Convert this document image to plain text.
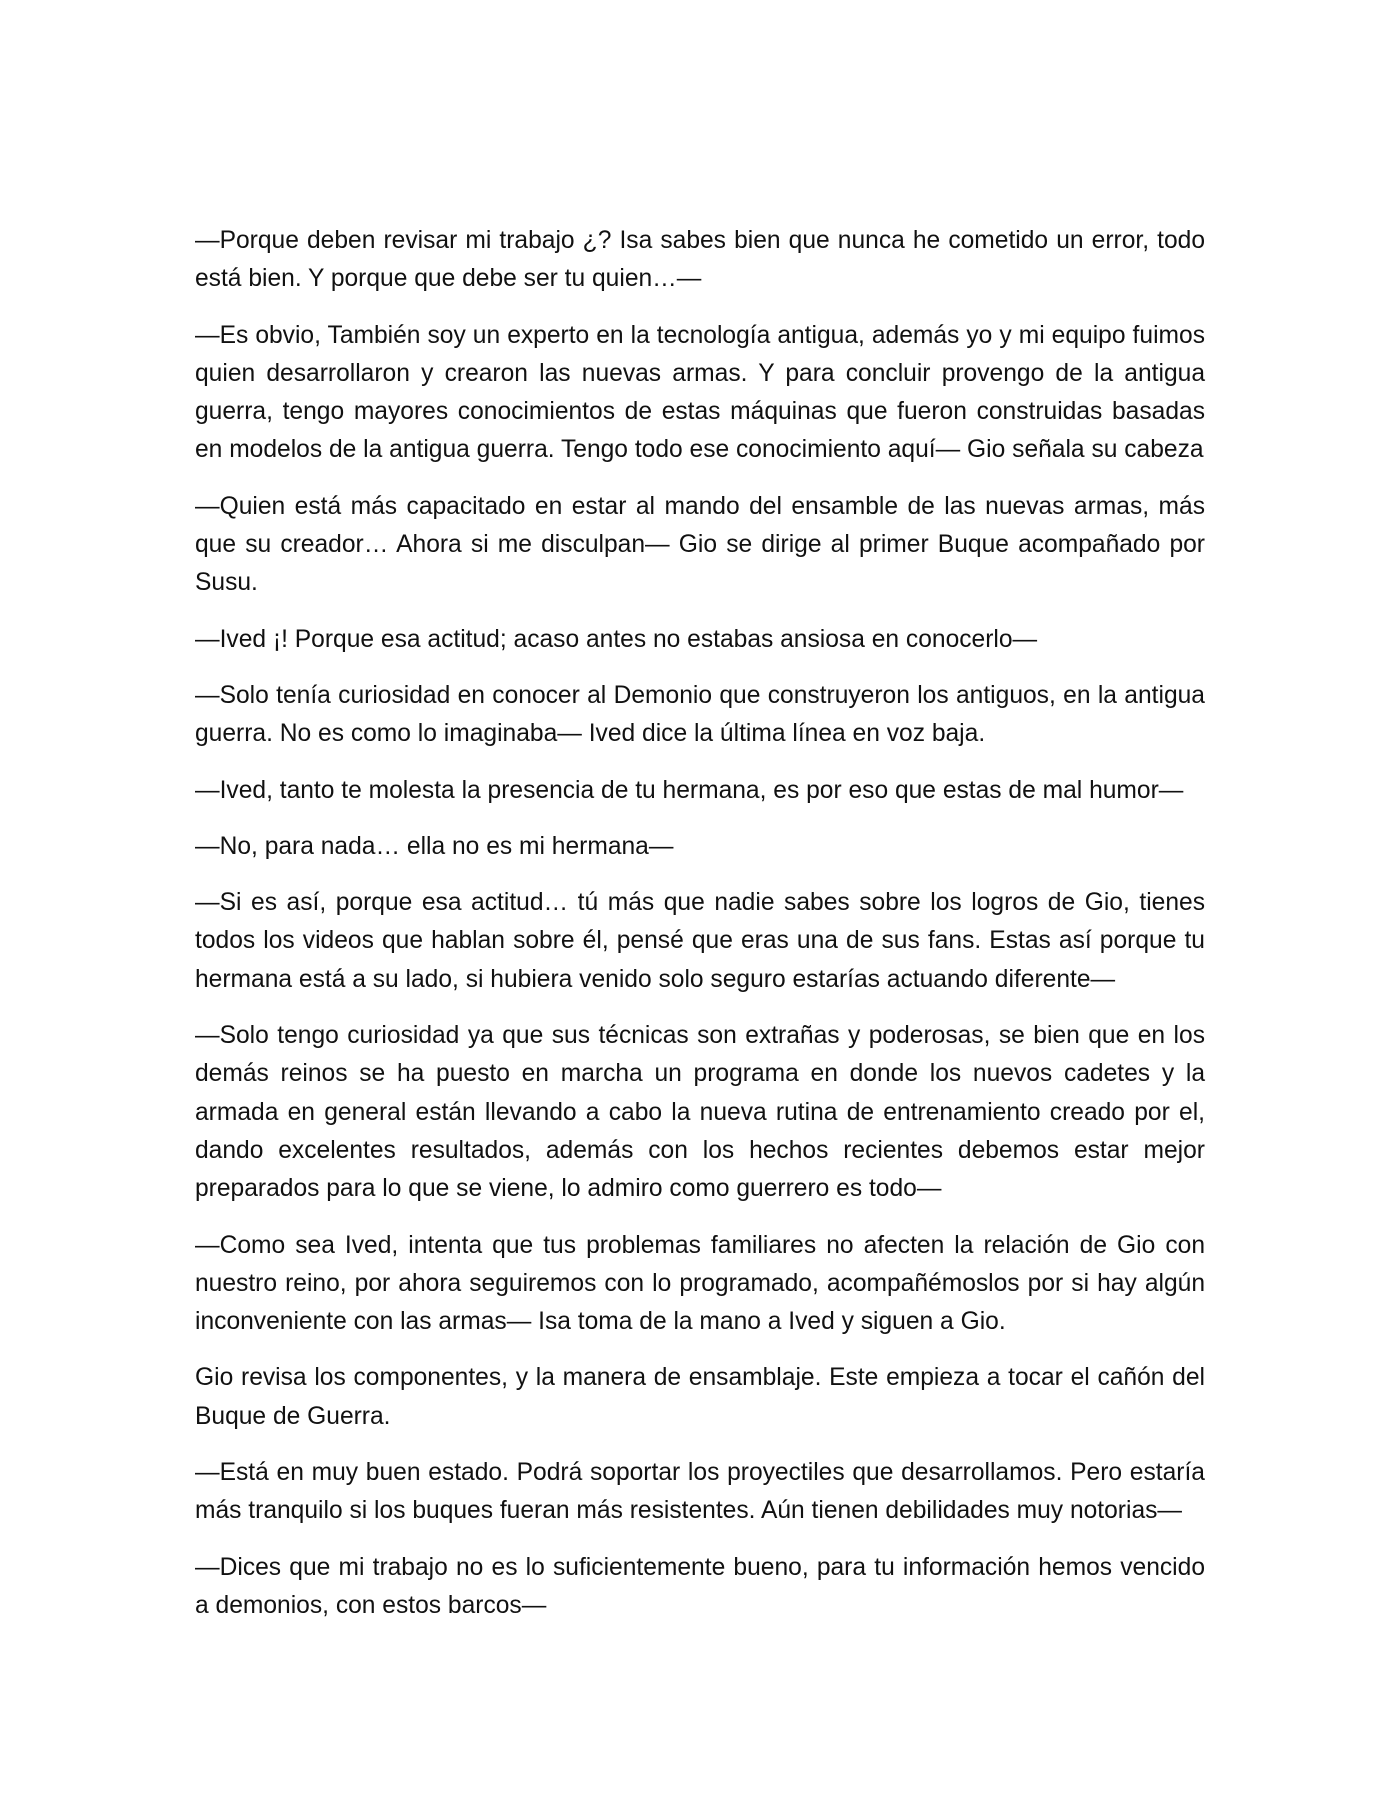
—Porque deben revisar mi trabajo ¿? Isa sabes bien que nunca he cometido un error, todo está bien. Y porque que debe ser tu quien…—

—Es obvio, También soy un experto en la tecnología antigua, además yo y mi equipo fuimos quien desarrollaron y crearon las nuevas armas. Y para concluir provengo de la antigua guerra, tengo mayores conocimientos de estas máquinas que fueron construidas basadas en modelos de la antigua guerra. Tengo todo ese conocimiento aquí— Gio señala su cabeza

—Quien está más capacitado en estar al mando del ensamble de las nuevas armas, más que su creador… Ahora si me disculpan— Gio se dirige al primer Buque acompañado por Susu.

—Ived ¡! Porque esa actitud; acaso antes no estabas ansiosa en conocerlo—

—Solo tenía curiosidad en conocer al Demonio que construyeron los antiguos, en la antigua guerra. No es como lo imaginaba— Ived dice la última línea en voz baja.

—Ived, tanto te molesta la presencia de tu hermana, es por eso que estas de mal humor—

—No, para nada… ella no es mi hermana—

—Si es así, porque esa actitud… tú más que nadie sabes sobre los logros de Gio, tienes todos los videos que hablan sobre él, pensé que eras una de sus fans. Estas así porque tu hermana está a su lado, si hubiera venido solo seguro estarías actuando diferente—

—Solo tengo curiosidad ya que sus técnicas son extrañas y poderosas, se bien que en los demás reinos se ha puesto en marcha un programa en donde los nuevos cadetes y la armada en general están llevando a cabo la nueva rutina de entrenamiento creado por el, dando excelentes resultados, además con los hechos recientes debemos estar mejor preparados para lo que se viene, lo admiro como guerrero es todo—

—Como sea Ived, intenta que tus problemas familiares no afecten la relación de Gio con nuestro reino, por ahora seguiremos con lo programado, acompañémoslos por si hay algún inconveniente con las armas— Isa toma de la mano a Ived y siguen a Gio.

Gio revisa los componentes, y la manera de ensamblaje. Este empieza a tocar el cañón del Buque de Guerra.

—Está en muy buen estado. Podrá soportar los proyectiles que desarrollamos. Pero estaría más tranquilo si los buques fueran más resistentes. Aún tienen debilidades muy notorias—

—Dices que mi trabajo no es lo suficientemente bueno, para tu información hemos vencido a demonios, con estos barcos—
